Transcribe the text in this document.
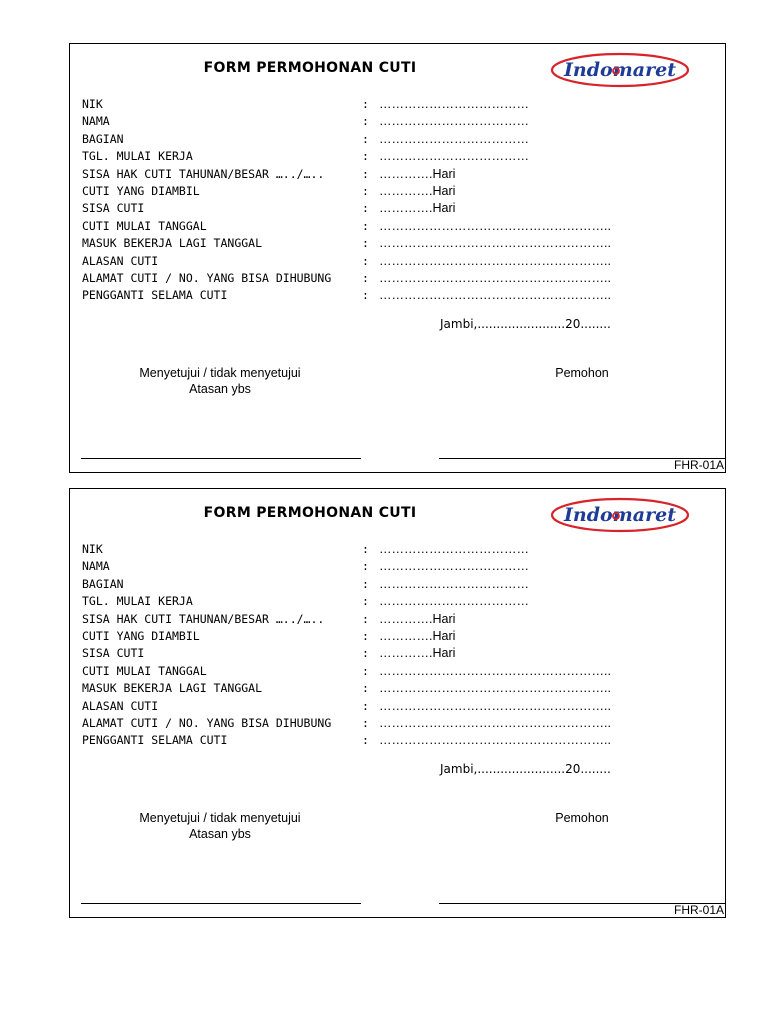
FORM PERMOHONAN CUTI	Indomaret
NIK	: ………………………………
NAMA	: ………………………………
BAGIAN	: ………………………………
TGL. MULAI KERJA	: ………………………………
SISA HAK CUTI TAHUNAN/BESAR …../…..	: ………….Hari
CUTI YANG DIAMBIL	: ………….Hari
SISA CUTI	: ………….Hari
CUTI MULAI TANGGAL	: ………………………………………………..
MASUK BEKERJA LAGI TANGGAL	: ………………………………………………..
ALASAN CUTI	: ………………………………………………..
ALAMAT CUTI / NO. YANG BISA DIHUBUNG	: ………………………………………………..
PENGGANTI SELAMA CUTI	: ………………………………………………..
Jambi,.......................20........
Menyetujui / tidak menyetujui
Atasan ybs
Pemohon
FHR-01A
FORM PERMOHONAN CUTI	Indomaret
NIK	: ………………………………
NAMA	: ………………………………
BAGIAN	: ………………………………
TGL. MULAI KERJA	: ………………………………
SISA HAK CUTI TAHUNAN/BESAR …../…..	: ………….Hari
CUTI YANG DIAMBIL	: ………….Hari
SISA CUTI	: ………….Hari
CUTI MULAI TANGGAL	: ………………………………………………..
MASUK BEKERJA LAGI TANGGAL	: ………………………………………………..
ALASAN CUTI	: ………………………………………………..
ALAMAT CUTI / NO. YANG BISA DIHUBUNG	: ………………………………………………..
PENGGANTI SELAMA CUTI	: ………………………………………………..
Jambi,.......................20........
Menyetujui / tidak menyetujui
Atasan ybs
Pemohon
FHR-01A
